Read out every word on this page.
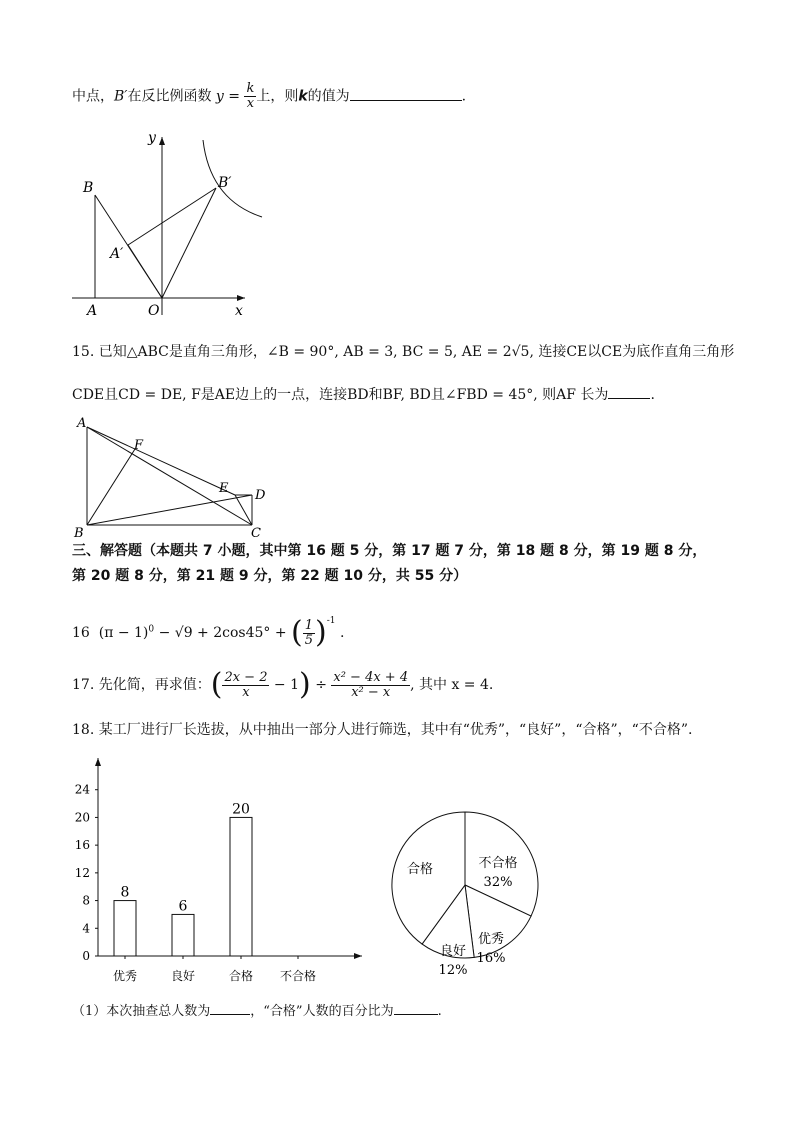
中点，B′在反比例函数 $y = \frac{k}{x}$ 上，则k的值为	.
y
x
B	B′
A′
A	O
15. 已知△ABC是直角三角形，∠B = 90°, AB = 3, BC = 5, AE = 2√5, 连接CE以CE为底作直角三角形
CDE且CD = DE, F是AE边上的一点，连接BD和BF, BD且∠FBD = 45°, 则AF 长为	.
A
F
E D
B	C
三、解答题（本题共 7 小题，其中第 16 题 5 分，第 17 题 7 分，第 18 题 8 分，第 19 题 8 分，
第 20 题 8 分，第 21 题 9 分，第 22 题 10 分，共 55 分）
16 $(\pi - 1)^0 - √9 + 2\cos 45^\circ$ + ( $\frac{1}{5} )^{-1}$ .
17. 先化简，再求值：( $\frac{2x - 2}{x} - 1) \div \frac{\text{x² − 4x + 4}}{\text{x² − x}}$ , 其中 x = 4.
18. 某工厂进行厂长选拔，从中抽出一部分人进行筛选，其中有“优秀”，“良好”，“合格”，“不合格”.
0
4
8
12
16
20
24
优秀
8
良好
6
合格
20
不合格
不合格
32%
优秀
16%
良好
12%
合格
（1）本次抽查总人数为	，“合格”人数的百分比为	.
